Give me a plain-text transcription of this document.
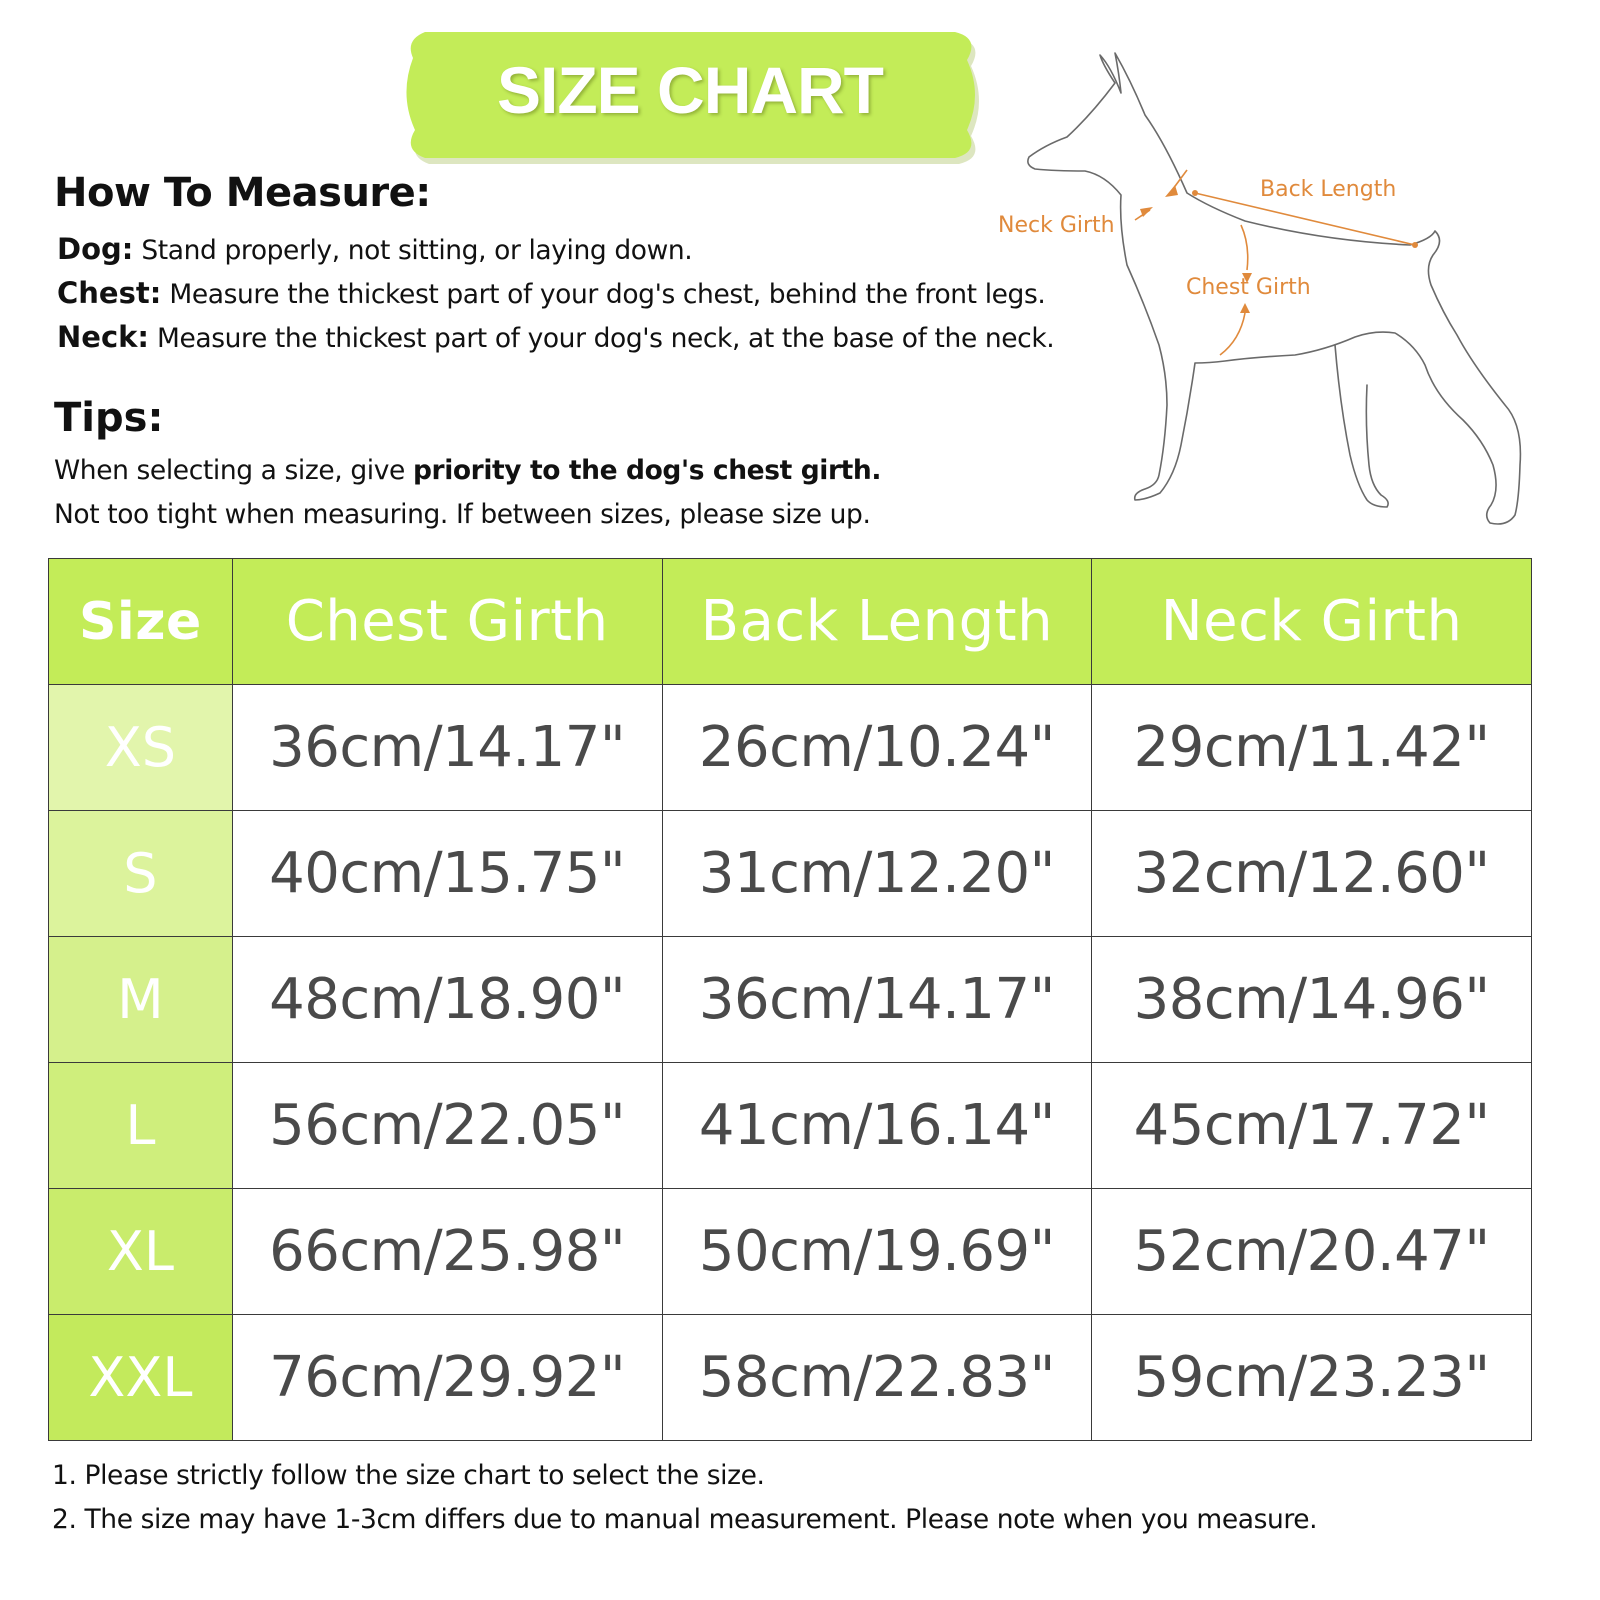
SIZE CHART
How To Measure:
Dog: Stand properly, not sitting, or laying down.
Chest: Measure the thickest part of your dog's chest, behind the front legs.
Neck: Measure the thickest part of your dog's neck, at the base of the neck.
Tips:
When selecting a size, give priority to the dog's chest girth.
Not too tight when measuring. If between sizes, please size up.
Back Length
Neck Girth
Chest Girth
Size	Chest Girth	Back Length	Neck Girth
XS	36cm/14.17"	26cm/10.24"	29cm/11.42"
S	40cm/15.75"	31cm/12.20"	32cm/12.60"
M	48cm/18.90"	36cm/14.17"	38cm/14.96"
L	56cm/22.05"	41cm/16.14"	45cm/17.72"
XL	66cm/25.98"	50cm/19.69"	52cm/20.47"
XXL	76cm/29.92"	58cm/22.83"	59cm/23.23"
1. Please strictly follow the size chart to select the size.
2. The size may have 1-3cm differs due to manual measurement. Please note when you measure.
